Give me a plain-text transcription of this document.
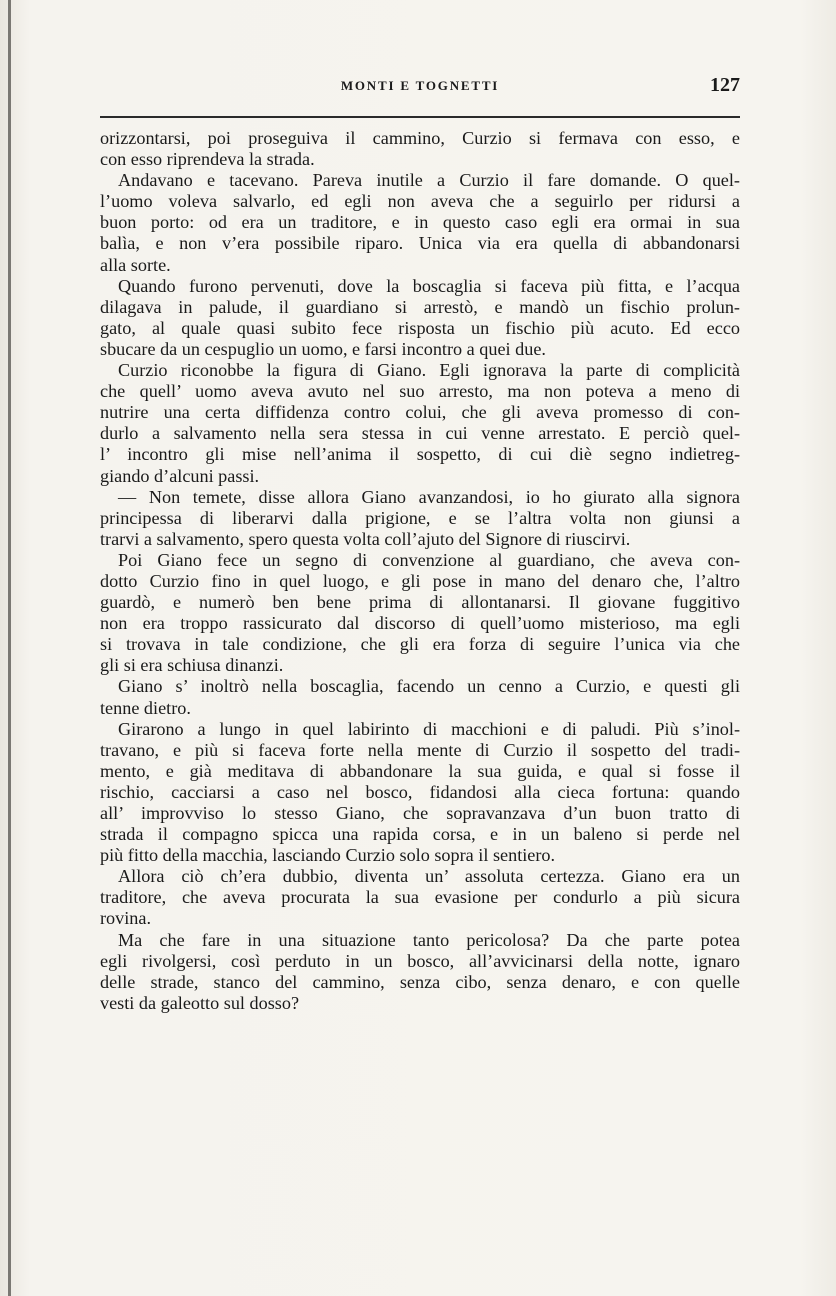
MONTI E TOGNETTI	127
orizzontarsi, poi proseguiva il cammino, Curzio si fermava con esso, e
con esso riprendeva la strada.
Andavano e tacevano. Pareva inutile a Curzio il fare domande. O quel-
l’uomo voleva salvarlo, ed egli non aveva che a seguirlo per ridursi a
buon porto: od era un traditore, e in questo caso egli era ormai in sua
balìa, e non v’era possibile riparo. Unica via era quella di abbandonarsi
alla sorte.
Quando furono pervenuti, dove la boscaglia si faceva più fitta, e l’acqua
dilagava in palude, il guardiano si arrestò, e mandò un fischio prolun-
gato, al quale quasi subito fece risposta un fischio più acuto. Ed ecco
sbucare da un cespuglio un uomo, e farsi incontro a quei due.
Curzio riconobbe la figura di Giano. Egli ignorava la parte di complicità
che quell’ uomo aveva avuto nel suo arresto, ma non poteva a meno di
nutrire una certa diffidenza contro colui, che gli aveva promesso di con-
durlo a salvamento nella sera stessa in cui venne arrestato. E perciò quel-
l’ incontro gli mise nell’anima il sospetto, di cui diè segno indietreg-
giando d’alcuni passi.
— Non temete, disse allora Giano avanzandosi, io ho giurato alla signora
principessa di liberarvi dalla prigione, e se l’altra volta non giunsi a
trarvi a salvamento, spero questa volta coll’ajuto del Signore di riuscirvi.
Poi Giano fece un segno di convenzione al guardiano, che aveva con-
dotto Curzio fino in quel luogo, e gli pose in mano del denaro che, l’altro
guardò, e numerò ben bene prima di allontanarsi. Il giovane fuggitivo
non era troppo rassicurato dal discorso di quell’uomo misterioso, ma egli
si trovava in tale condizione, che gli era forza di seguire l’unica via che
gli si era schiusa dinanzi.
Giano s’ inoltrò nella boscaglia, facendo un cenno a Curzio, e questi gli
tenne dietro.
Girarono a lungo in quel labirinto di macchioni e di paludi. Più s’inol-
travano, e più si faceva forte nella mente di Curzio il sospetto del tradi-
mento, e già meditava di abbandonare la sua guida, e qual si fosse il
rischio, cacciarsi a caso nel bosco, fidandosi alla cieca fortuna: quando
all’ improvviso lo stesso Giano, che sopravanzava d’un buon tratto di
strada il compagno spicca una rapida corsa, e in un baleno si perde nel
più fitto della macchia, lasciando Curzio solo sopra il sentiero.
Allora ciò ch’era dubbio, diventa un’ assoluta certezza. Giano era un
traditore, che aveva procurata la sua evasione per condurlo a più sicura
rovina.
Ma che fare in una situazione tanto pericolosa? Da che parte potea
egli rivolgersi, così perduto in un bosco, all’avvicinarsi della notte, ignaro
delle strade, stanco del cammino, senza cibo, senza denaro, e con quelle
vesti da galeotto sul dosso?
